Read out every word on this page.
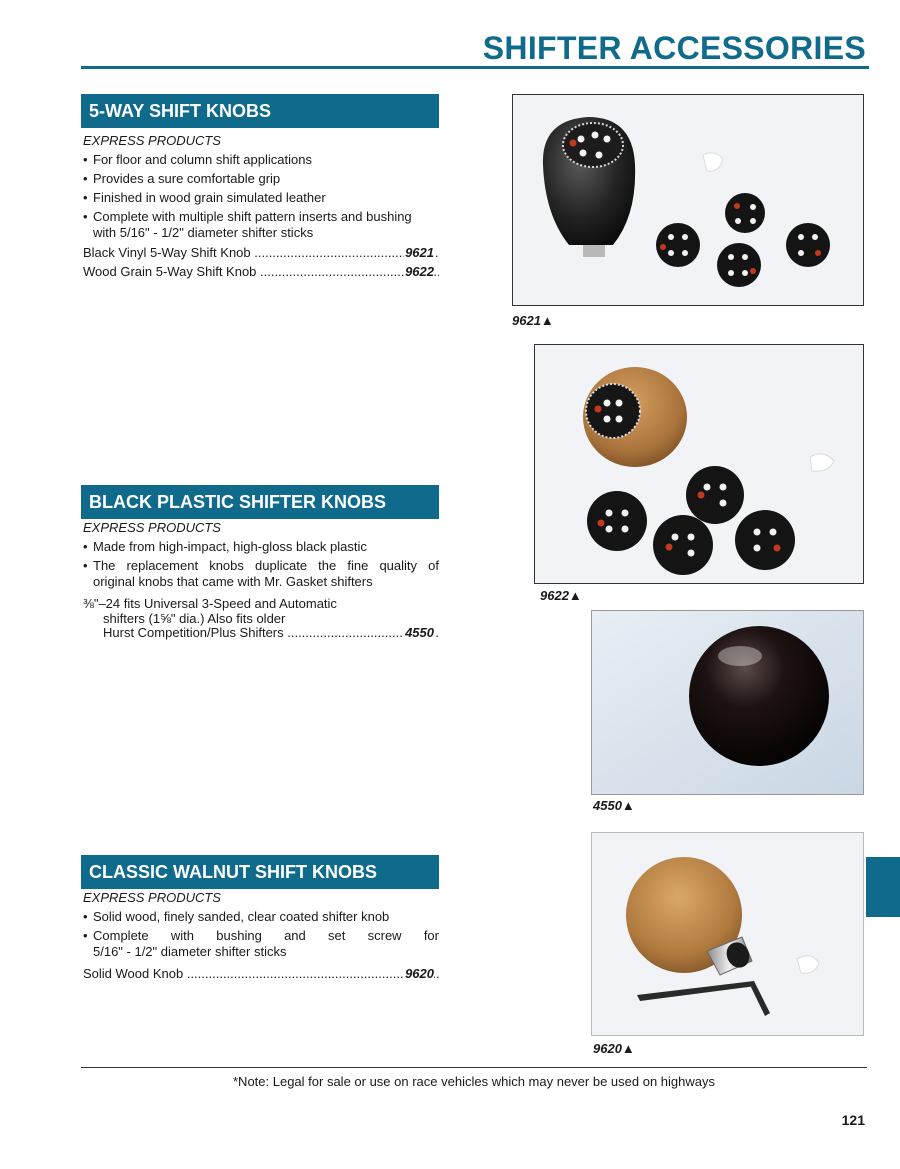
SHIFTER ACCESSORIES
5-WAY SHIFT KNOBS
EXPRESS PRODUCTS
• For floor and column shift applications
• Provides a sure comfortable grip
• Finished in wood grain simulated leather
• Complete with multiple shift pattern inserts and bushing
with 5/16" - 1/2" diameter shifter sticks
Black Vinyl 5-Way Shift Knob .....	9621
Wood Grain 5-Way Shift Knob .....	9622
BLACK PLASTIC SHIFTER KNOBS
EXPRESS PRODUCTS
• Made from high-impact, high-gloss black plastic
• The replacement knobs duplicate the fine quality of
original knobs that came with Mr. Gasket shifters
⅜"–24 fits Universal 3-Speed and Automatic
shifters (1⅝" dia.) Also fits older
Hurst Competition/Plus Shifters .....	4550
CLASSIC WALNUT SHIFT KNOBS
EXPRESS PRODUCTS
• Solid wood, finely sanded, clear coated shifter knob
• Complete with bushing and set screw for
5/16" - 1/2" diameter shifter sticks
Solid Wood Knob .....	9620
9621▲
9622▲
4550▲
9620▲
*Note: Legal for sale or use on race vehicles which may never be used on highways
121
